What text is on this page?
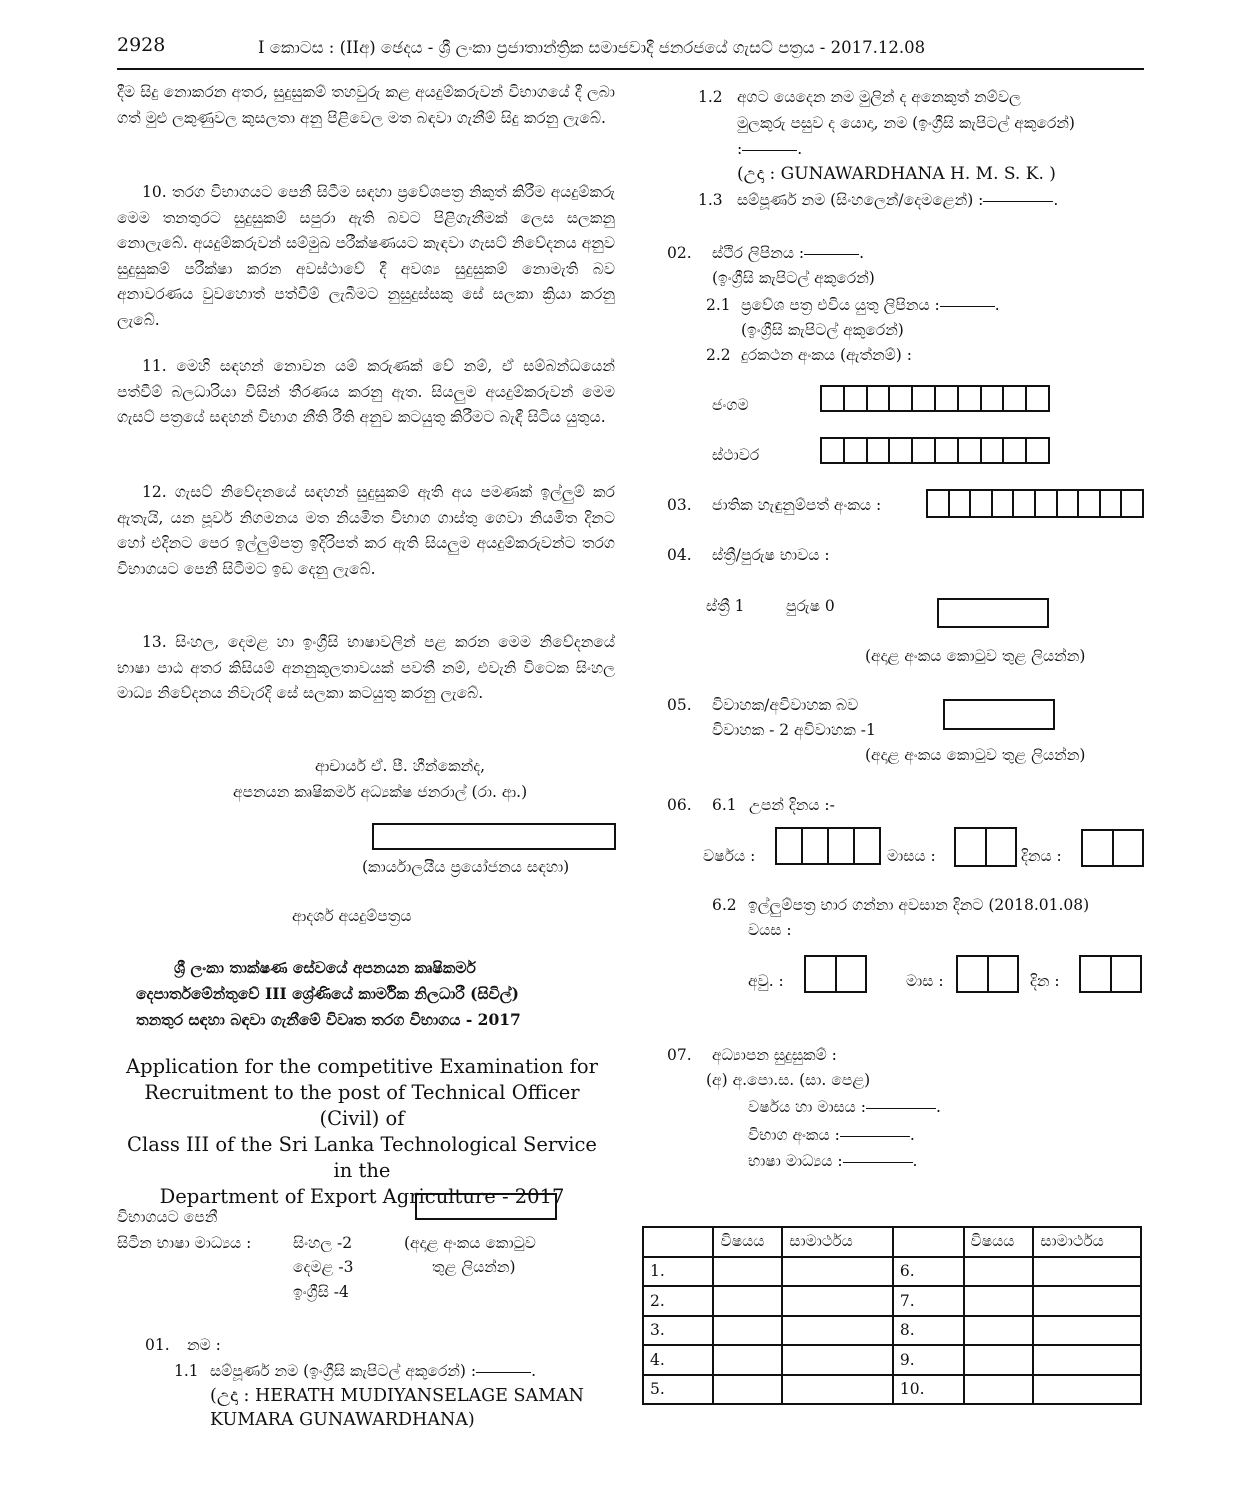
2928	I කොටස : (IIඅ) ඡෙදය - ශ්‍රී ලංකා ප්‍රජාතාන්ත්‍රික සමාජවාදී ජනරජයේ ගැසට් පත්‍රය - 2017.12.08

දීම සිදු නොකරන අතර, සුදුසුකම් තහවුරු කළ අයදුම්කරුවන් විභාගයේ දී ලබා ගත් මුළු ලකුණුවල කුසලතා අනු පිළිවෙල මත බඳවා ගැනීම් සිදු කරනු ලැබේ.

10. තරග විභාගයට පෙනී සිටීම සඳහා ප්‍රවේශපත්‍ර නිකුත් කිරීම අයදුම්කරු මෙම තනතුරට සුදුසුකම් සපුරා ඇති බවට පිළිගැනීමක් ලෙස සලකනු නොලැබේ. අයදුම්කරුවන් සම්මුඛ පරීක්ෂණයට කැඳවා ගැසට් නිවේදනය අනුව සුදුසුකම් පරීක්ෂා කරන අවස්ථාවේ දී අවශ්‍ය සුදුසුකම් නොමැති බව අනාවරණය වුවහොත් පත්වීම් ලැබීමට නුසුදුස්සකු සේ සලකා ක්‍රියා කරනු ලැබේ.

11. මෙහි සඳහන් නොවන යම් කරුණක් වේ නම්, ඒ සම්බන්ධයෙන් පත්වීම් බලධාරියා විසින් තීරණය කරනු ඇත. සියලුම අයදුම්කරුවන් මෙම ගැසට් පත්‍රයේ සඳහන් විභාග නීති රීති අනුව කටයුතු කිරීමට බැඳී සිටිය යුතුය.

12. ගැසට් නිවේදනයේ සඳහන් සුදුසුකම් ඇති අය පමණක් ඉල්ලුම් කර ඇතැයි, යන පූර්ව නිගමනය මත නියමිත විභාග ගාස්තු ගෙවා නියමිත දිනට හෝ එදිනට පෙර ඉල්ලුම්පත්‍ර ඉදිරිපත් කර ඇති සියලුම අයදුම්කරුවන්ට තරග විභාගයට පෙනී සිටීමට ඉඩ දෙනු ලැබේ.

13. සිංහල, දෙමළ හා ඉංග්‍රීසි භාෂාවලින් පළ කරන මෙම නිවේදනයේ භාෂා පාඨ අතර කිසියම් අනනුකූලතාවයක් පවතී නම්, එවැනි විටෙක සිංහල මාධ්‍ය නිවේදනය නිවැරදි සේ සලකා කටයුතු කරනු ලැබේ.

ආචාර්ය ඒ. පී. හීන්කෙන්ද,
අපනයන කෘෂිකර්ම අධ්‍යක්ෂ ජනරාල් (රා. ආ.)
(කාර්යාලයීය ප්‍රයෝජනය සඳහා)
ආදර්ශ අයදුම්පත්‍රය
ශ්‍රී ලංකා තාක්ෂණ සේවයේ අපනයන කෘෂිකර්ම
දෙපාර්තමේන්තුවේ III ශ්‍රේණියේ කාර්මික නිලධාරී (සිවිල්)
තනතුර සඳහා බඳවා ගැනීමේ විවෘත තරග විභාගය - 2017
Application for the competitive Examination for
Recruitment to the post of Technical Officer (Civil) of
Class III of the Sri Lanka Technological Service in the
Department of Export Agriculture - 2017
විභාගයට පෙනී
සිටින භාෂා මාධ්‍යය :	සිංහල -2
දෙමළ -3
ඉංග්‍රීසි -4
(අදාළ අංකය කොටුව
තුළ ලියන්න)
01. නම :
1.1 සම්පූර්ණ නම (ඉංග්‍රීසි කැපිටල් අකුරෙන්) :	.
(උදා : HERATH MUDIYANSELAGE SAMAN
KUMARA GUNAWARDHANA)
1.2 අගට යෙදෙන නම මුලින් ද අනෙකුත් නම්වල
මුලකුරු පසුව ද යොදා, නම (ඉංග්‍රීසි කැපිටල් අකුරෙන්)
:	.
(උදා : GUNAWARDHANA H. M. S. K. )
1.3 සම්පූර්ණ නම (සිංහලෙන්/දෙමළෙන්) :	.
02. ස්ථිර ලිපිනය :	.
(ඉංග්‍රීසි කැපිටල් අකුරෙන්)
2.1 ප්‍රවේශ පත්‍ර එවිය යුතු ලිපිනය :	.
(ඉංග්‍රීසි කැපිටල් අකුරෙන්)
2.2 දුරකථන අංකය (ඇත්නම්) :
ජංගම
ස්ථාවර
03. ජාතික හැඳුනුම්පත් අංකය :
04. ස්ත්‍රී/පුරුෂ භාවය :
ස්ත්‍රී 1	පුරුෂ 0
(අදාළ අංකය කොටුව තුළ ලියන්න)
05. විවාහක/අවිවාහක බව
විවාහක - 2 අවිවාහක -1
(අදාළ අංකය කොටුව තුළ ලියන්න)
06. 6.1 උපන් දිනය :-
වර්ෂය :	මාසය :	දිනය :
6.2 ඉල්ලුම්පත්‍ර භාර ගන්නා අවසාන දිනට (2018.01.08)
වයස :
අවු. :	මාස :	දින :
07. අධ්‍යාපන සුදුසුකම් :
(අ) අ.පො.ස. (සා. පෙළ)
වර්ෂය හා මාසය :	.
විභාග අංකය :	.
භාෂා මාධ්‍යය :	.
	විෂයය	සාමාර්ථය		විෂයය	සාමාර්ථය
1.			6.		
2.			7.		
3.			8.		
4.			9.		
5.			10.		
